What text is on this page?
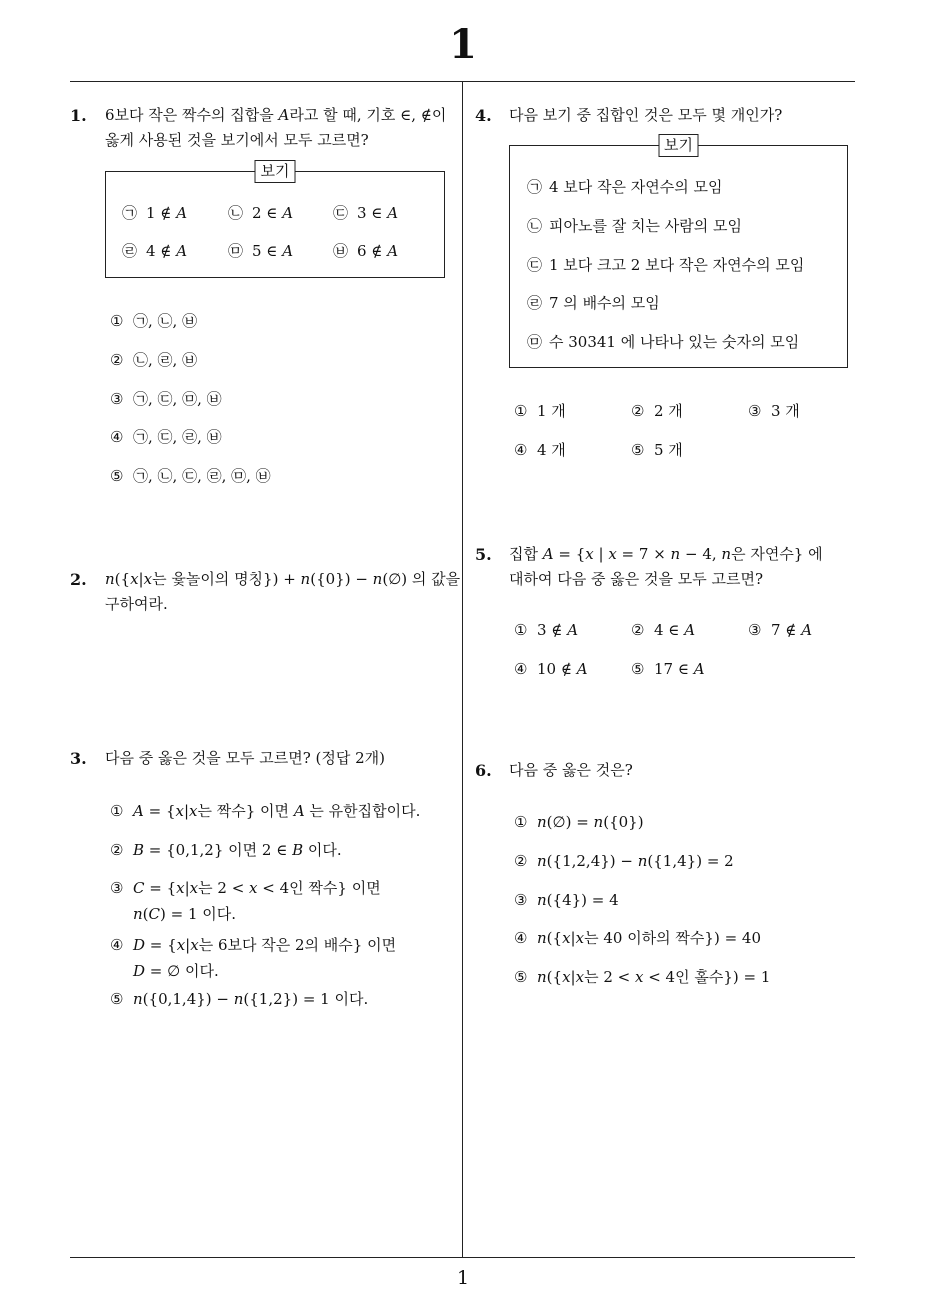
1
1
1. 6보다 작은 짝수의 집합을 A라고 할 때, 기호 ∈, ∉이
옳게 사용된 것을 보기에서 모두 고르면?
보기
㉠ 1 ∉ A	㉡ 2 ∈ A	㉢ 3 ∈ A
㉣ 4 ∉ A	㉤ 5 ∈ A	㉥ 6 ∉ A
① ㉠, ㉡, ㉥
② ㉡, ㉣, ㉥
③ ㉠, ㉢, ㉤, ㉥
④ ㉠, ㉢, ㉣, ㉥
⑤ ㉠, ㉡, ㉢, ㉣, ㉤, ㉥
2. n({x|x는 윷놀이의 명칭}) + n({0}) − n(∅) 의 값을
구하여라.
3. 다음 중 옳은 것을 모두 고르면? (정답 2개)
① A = {x|x는 짝수} 이면 A 는 유한집합이다.
② B = {0,1,2} 이면 2 ∈ B 이다.
③ C = {x|x는 2 < x < 4인 짝수} 이면
n(C) = 1 이다.
④ D = {x|x는 6보다 작은 2의 배수} 이면
D = ∅ 이다.
⑤ n({0,1,4}) − n({1,2}) = 1 이다.
4. 다음 보기 중 집합인 것은 모두 몇 개인가?
보기
㉠ 4 보다 작은 자연수의 모임
㉡ 피아노를 잘 치는 사람의 모임
㉢ 1 보다 크고 2 보다 작은 자연수의 모임
㉣ 7 의 배수의 모임
㉤ 수 30341 에 나타나 있는 숫자의 모임
① 1 개	② 2 개	③ 3 개
④ 4 개	⑤ 5 개
5. 집합 A = {x | x = 7 × n − 4, n은 자연수} 에
대하여 다음 중 옳은 것을 모두 고르면?
① 3 ∉ A	② 4 ∈ A	③ 7 ∉ A
④ 10 ∉ A	⑤ 17 ∈ A
6. 다음 중 옳은 것은?
① n(∅) = n({0})
② n({1,2,4}) − n({1,4}) = 2
③ n({4}) = 4
④ n({x|x는 40 이하의 짝수}) = 40
⑤ n({x|x는 2 < x < 4인 홀수}) = 1
